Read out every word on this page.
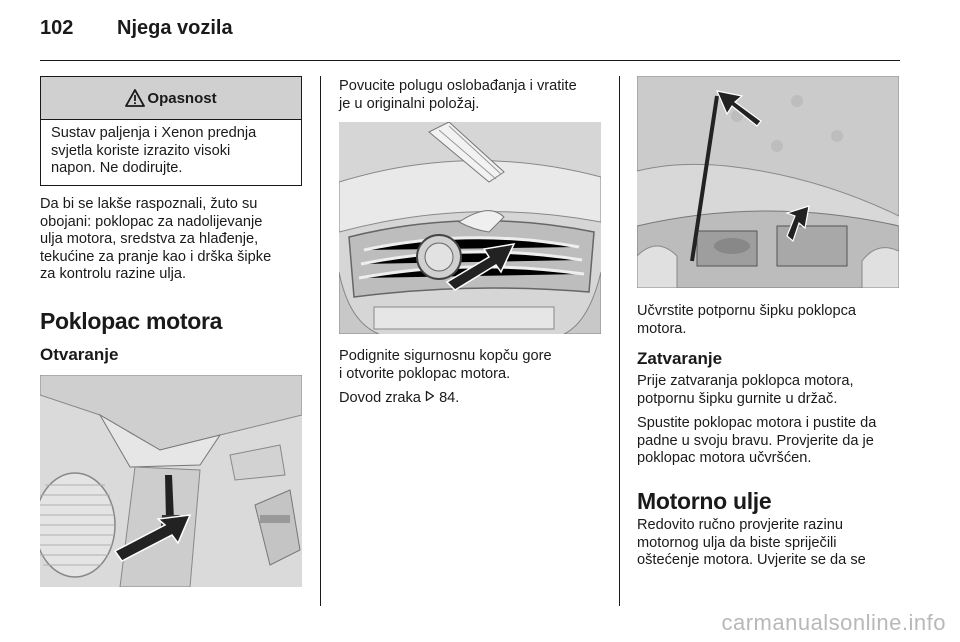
102 Njega vozila
Opasnost
Sustav paljenja i Xenon prednja
svjetla koriste izrazito visoki
napon. Ne dodirujte.
Da bi se lakše raspoznali, žuto su
obojani: poklopac za nadolijevanje
ulja motora, sredstva za hlađenje,
tekućine za pranje kao i drška šipke
za kontrolu razine ulja.
Poklopac motora
Otvaranje
Povucite polugu oslobađanja i vratite
je u originalni položaj.
Podignite sigurnosnu kopču gore
i otvorite poklopac motora.
Dovod zraka 84.
Učvrstite potpornu šipku poklopca
motora.
Zatvaranje
Prije zatvaranja poklopca motora,
potpornu šipku gurnite u držač.
Spustite poklopac motora i pustite da
padne u svoju bravu. Provjerite da je
poklopac motora učvršćen.
Motorno ulje
Redovito ručno provjerite razinu
motornog ulja da biste spriječili
oštećenje motora. Uvjerite se da se
carmanualsonline.info
